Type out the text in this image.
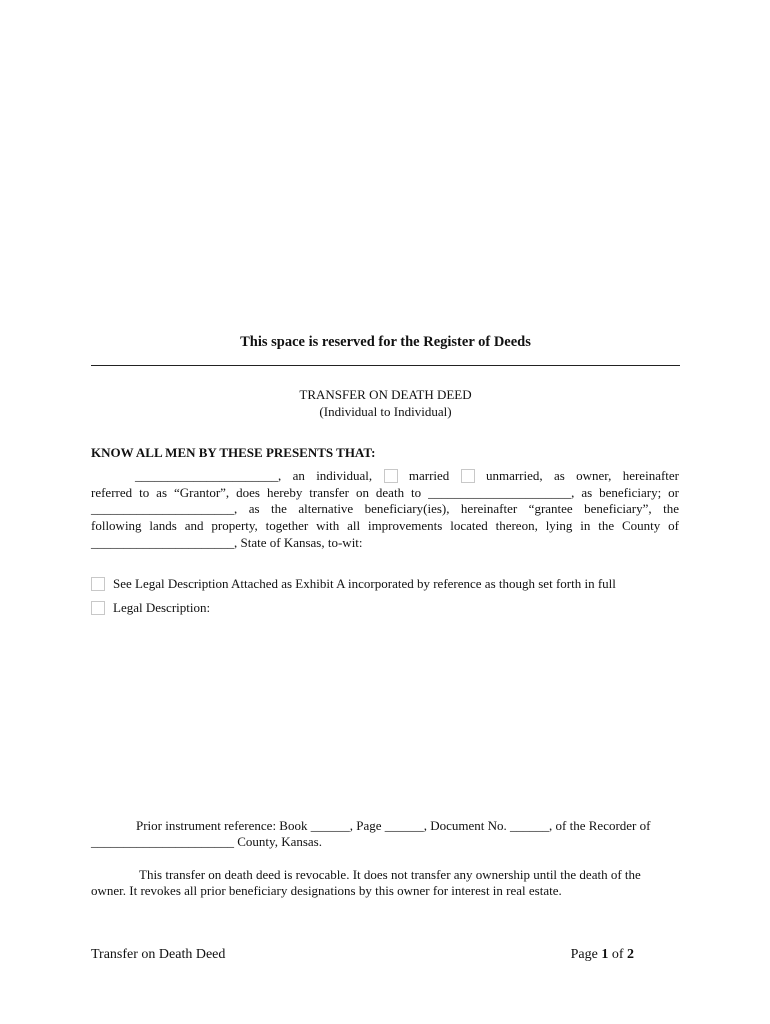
This space is reserved for the Register of Deeds
TRANSFER ON DEATH DEED
(Individual to Individual)
KNOW ALL MEN BY THESE PRESENTS THAT:
______________________, an individual,	married	unmarried, as owner, hereinafter
referred to as “Grantor”, does hereby transfer on death to ______________________, as beneficiary; or
______________________, as the alternative beneficiary(ies), hereinafter “grantee beneficiary”, the
following lands and property, together with all improvements located thereon, lying in the County of
______________________, State of Kansas, to-wit:
See Legal Description Attached as Exhibit A incorporated by reference as though set forth in full
Legal Description:
Prior instrument reference: Book ______, Page ______, Document No. ______, of the Recorder of
______________________ County, Kansas.
This transfer on death deed is revocable. It does not transfer any ownership until the death of the
owner. It revokes all prior beneficiary designations by this owner for interest in real estate.
Transfer on Death Deed	Page 1 of 2
